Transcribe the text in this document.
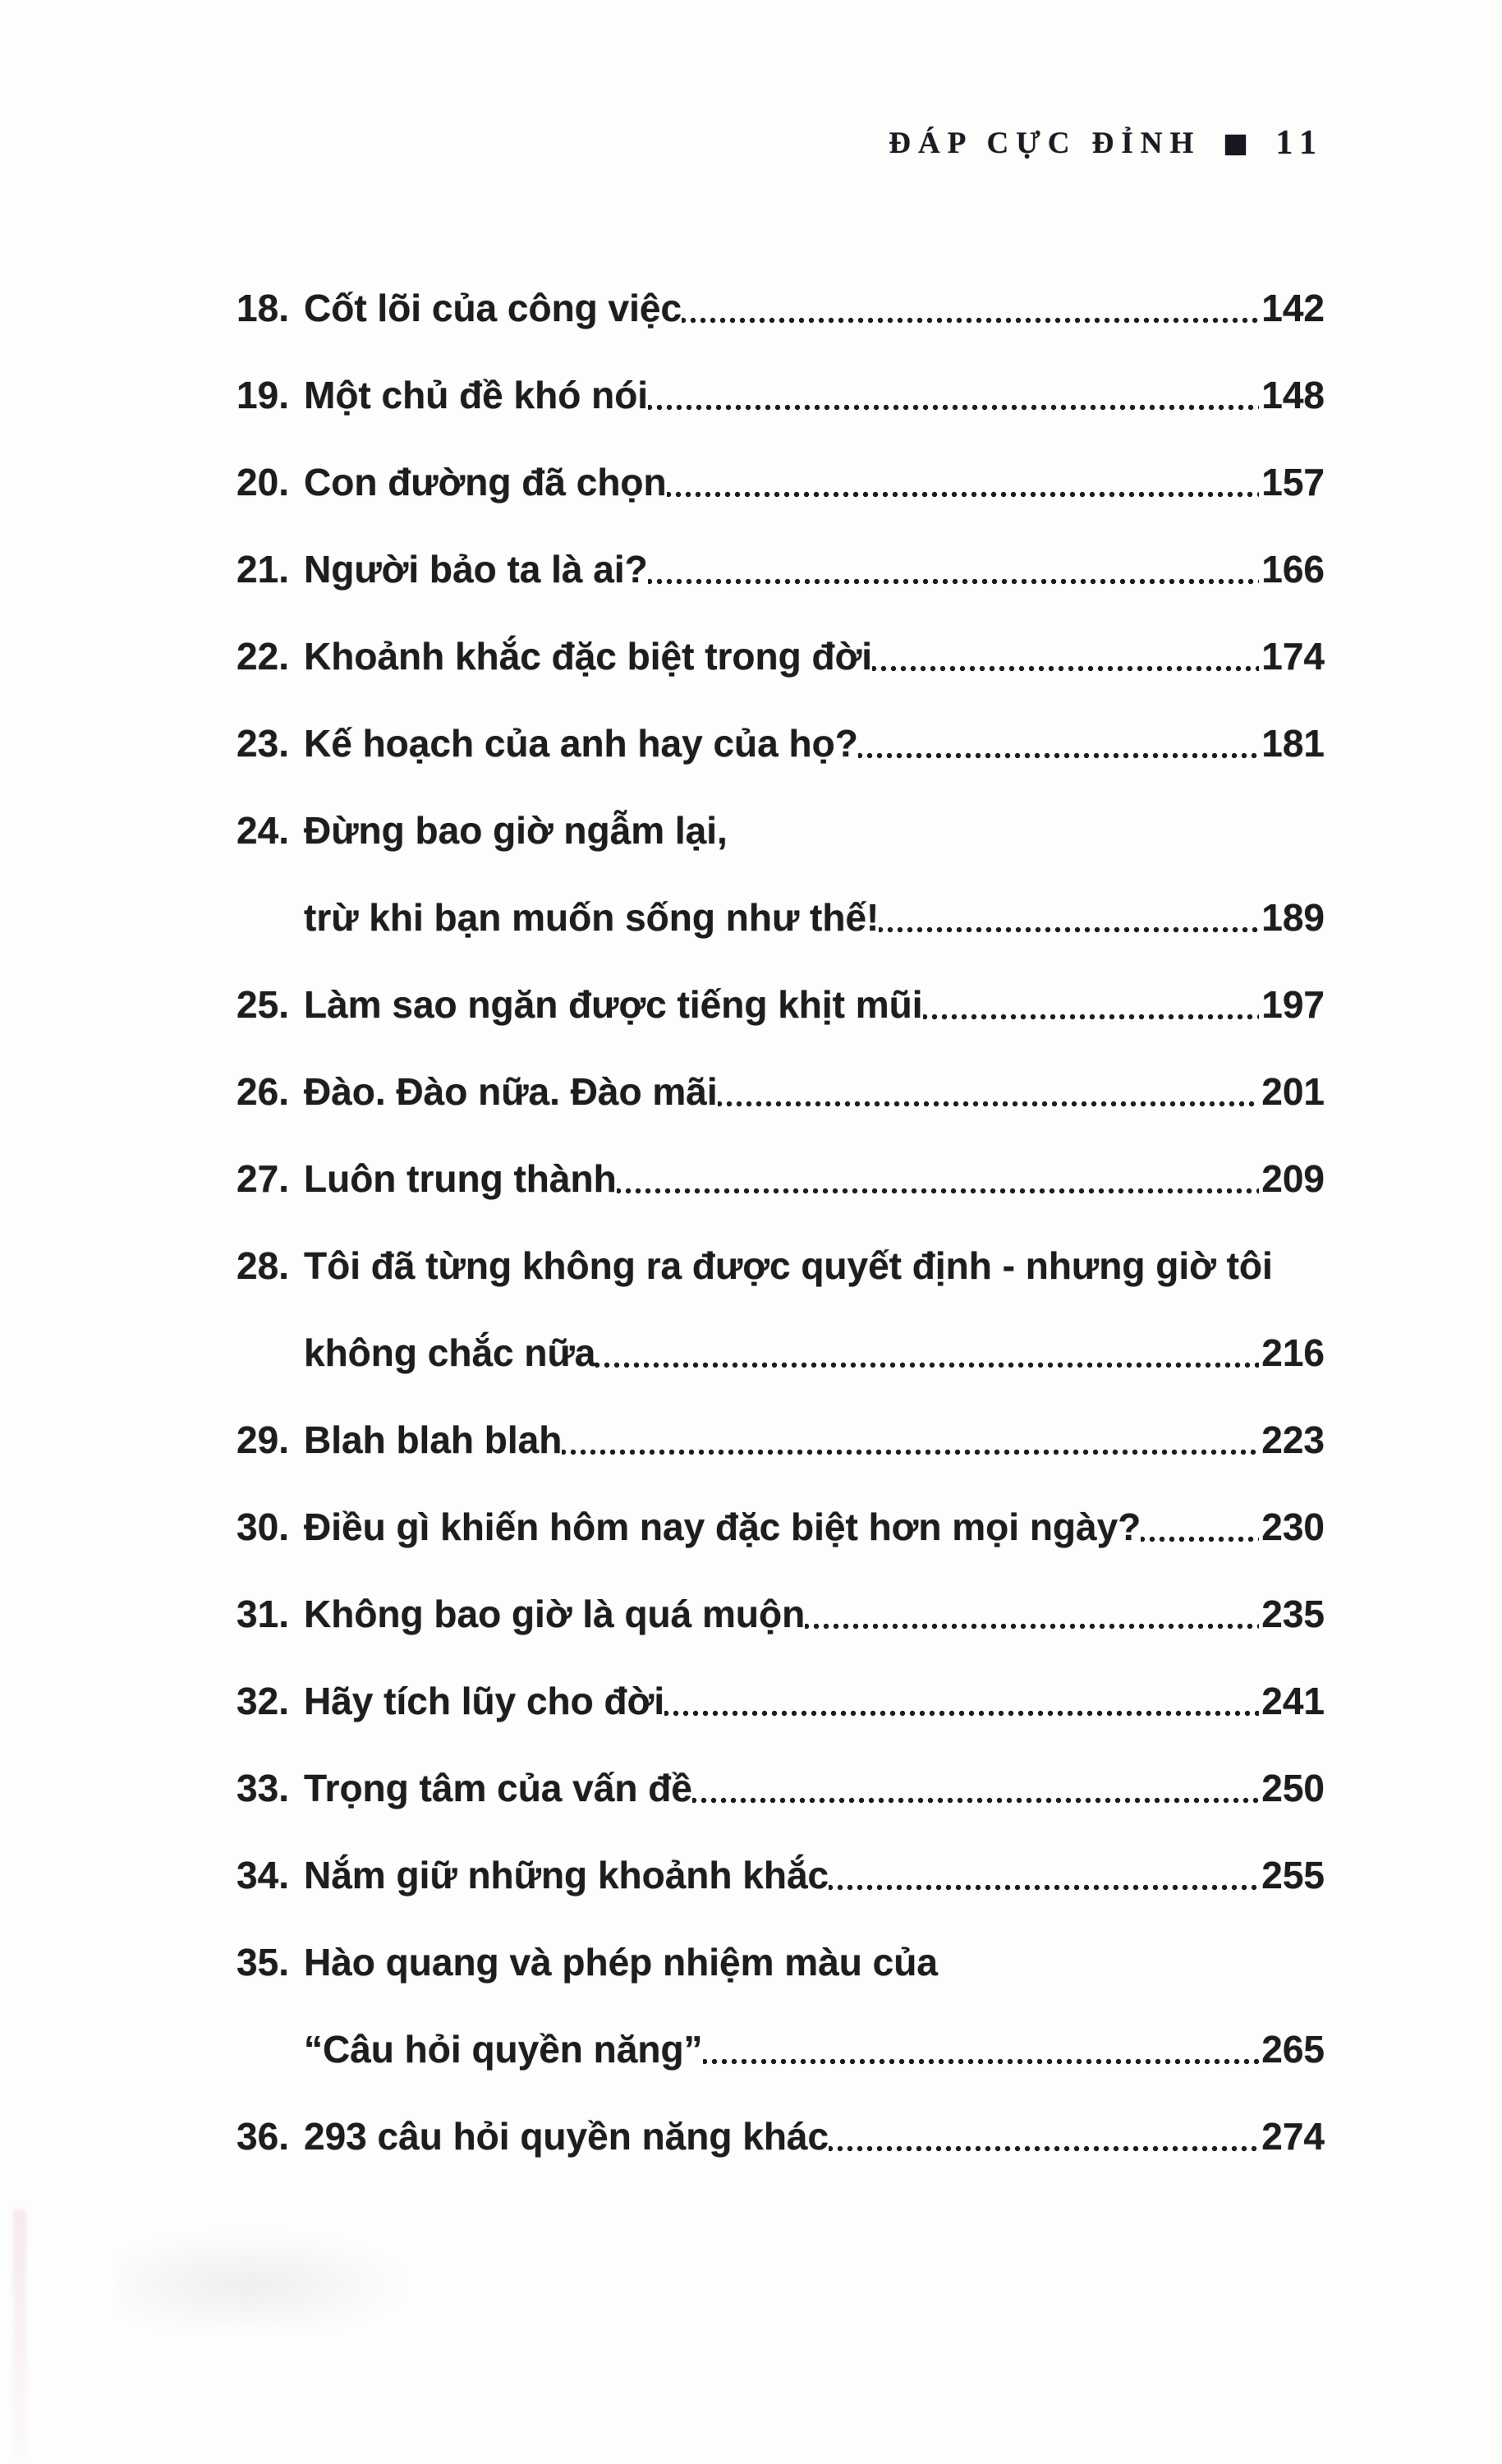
ĐÁP CỰC ĐỈNH 11
18. Cốt lõi của công việc	142
19. Một chủ đề khó nói	148
20. Con đường đã chọn	157
21. Người bảo ta là ai?	166
22. Khoảnh khắc đặc biệt trong đời	174
23. Kế hoạch của anh hay của họ?	181
24. Đừng bao giờ ngẫm lại,
trừ khi bạn muốn sống như thế!	189
25. Làm sao ngăn được tiếng khịt mũi	197
26. Đào. Đào nữa. Đào mãi	201
27. Luôn trung thành	209
28. Tôi đã từng không ra được quyết định - nhưng giờ tôi
không chắc nữa	216
29. Blah blah blah	223
30. Điều gì khiến hôm nay đặc biệt hơn mọi ngày?	230
31. Không bao giờ là quá muộn	235
32. Hãy tích lũy cho đời	241
33. Trọng tâm của vấn đề	250
34. Nắm giữ những khoảnh khắc	255
35. Hào quang và phép nhiệm màu của
“Câu hỏi quyền năng”	265
36. 293 câu hỏi quyền năng khác	274
